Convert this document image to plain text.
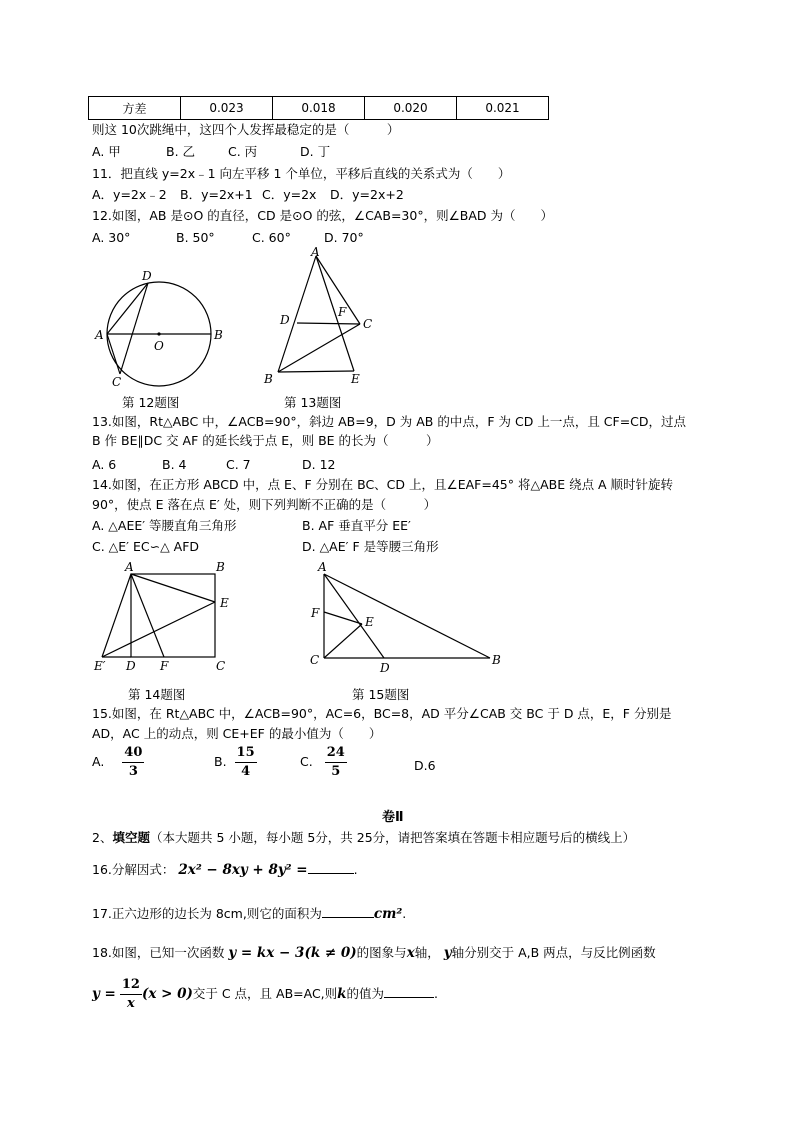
方差	0.023	0.018	0.020	0.021
则这 10次跳绳中，这四个人发挥最稳定的是（　　　）
A. 甲	B. 乙	C. 丙	D. 丁
11．把直线 y=2x﹣1 向左平移 1 个单位，平移后直线的关系式为（　　）
A．y=2x﹣2 B．y=2x+1 C．y=2x D．y=2x+2
12.如图，AB 是⊙O 的直径，CD 是⊙O 的弦，∠CAB=30°，则∠BAD 为（　　）
A. 30°	B. 50°	C. 60°	D. 70°
A	B
C
D
O
第 12题图
A
B
C
D
E
F
第 13题图
13.如图，Rt△ABC 中，∠ACB=90°，斜边 AB=9，D 为 AB 的中点，F 为 CD 上一点，且 CF=CD，过点
B 作 BE∥DC 交 AF 的延长线于点 E，则 BE 的长为（　　　）
A. 6	B. 4	C. 7	D. 12
14.如图，在正方形 ABCD 中，点 E、F 分别在 BC、CD 上，且∠EAF=45° 将△ABE 绕点 A 顺时针旋转
90°，使点 E 落在点 E′ 处，则下列判断不正确的是（　　　）
A. △AEE′ 等腰直角三角形	B. AF 垂直平分 EE′
C. △E′ EC∽△ AFD	D. △AE′ F 是等腰三角形
A	B
C
D
E
F
E′
第 14题图
A
B
C
D
E
F
第 15题图
15.如图，在 Rt△ABC 中，∠ACB=90°，AC=6，BC=8，AD 平分∠CAB 交 BC 于 D 点，E，F 分别是
AD，AC 上的动点，则 CE+EF 的最小值为（　　）
A. $\frac{40}{3}$	B. $\frac{15}{4}$	C. $\frac{24}{5}$	D.6
卷Ⅱ
2、填空题（本大题共 5 小题，每小题 5分，共 25分，请把答案填在答题卡相应题号后的横线上）
16.分解因式： 2x² − 8xy + 8y² =	.
17.正六边形的边长为 8cm,则它的面积为	cm².
18.如图，已知一次函数 y = kx − 3(k ≠ 0)的图象与x轴， y轴分别交于 A,B 两点，与反比例函数
$y = \frac{12}{x} (x > 0)$交于 C 点，且 AB=AC,则k的值为	.
